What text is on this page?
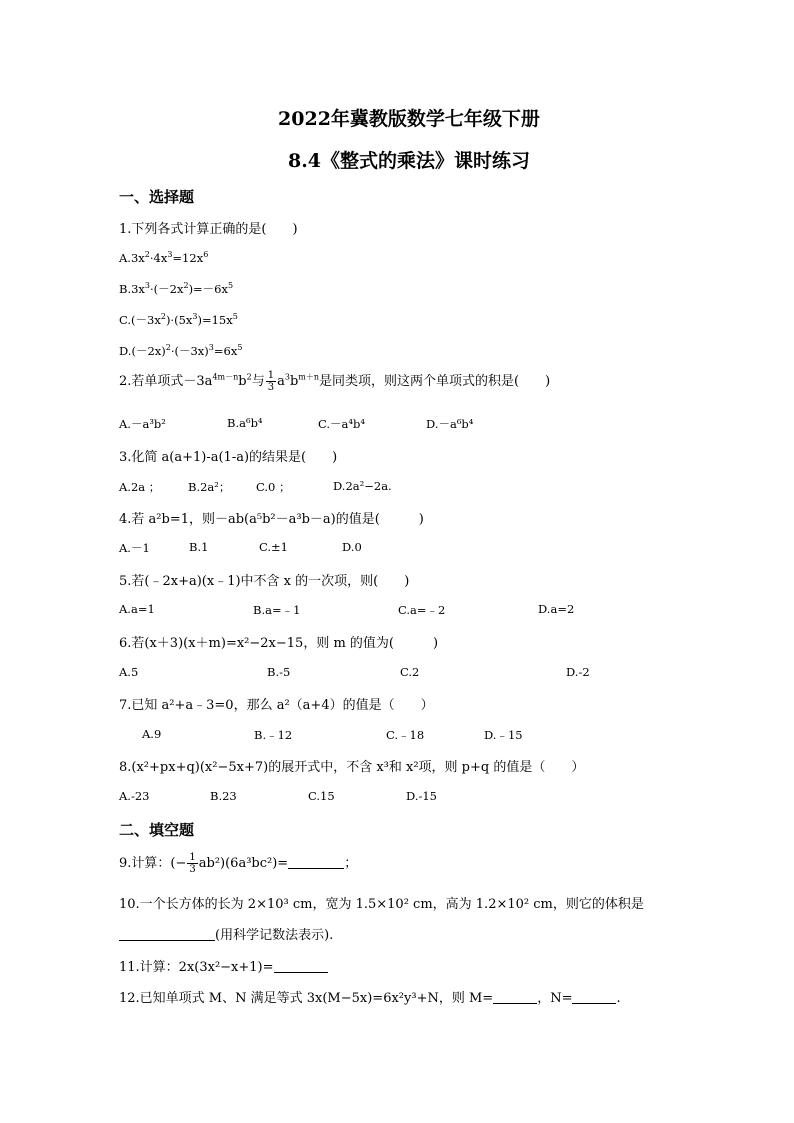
2022年冀教版数学七年级下册
8.4《整式的乘法》课时练习
一、选择题
1.下列各式计算正确的是(　　)
$A.3x^2\cdot 4x^3=12x^6$
$B.3x^3\cdot(-2x^2)=-6x^5$
$C.(-3x^2)\cdot(5x^3)=15x^5$
$D.(-2x)^2\cdot(-3x)^3=6x^5$
2.若单项式$-3a^{4m-n}b^2$与 $\frac{1}{3} a^3b^{m+n}$是同类项，则这两个单项式的积是(　　)
A.－a³b²	B.a⁶b⁴	C.－a⁴b⁴	D.－a⁶b⁴
3.化简 a(a+1)-a(1-a)的结果是(　　)
A.2a ； B.2a²； C.0 ；	D.2a²−2a.
4.若 a²b=1，则－ab(a⁵b²－a³b－a)的值是(　　　)
A.－1	B.1	C.±1	D.0
5.若(﹣2x+a)(x﹣1)中不含 x 的一次项，则(　　)
A.a=1	B.a=﹣1	C.a=﹣2	D.a=2
6.若(x＋3)(x＋m)=x²−2x−15，则 m 的值为(　　　)
A.5	B.-5	C.2	D.-2
7.已知 a²+a﹣3=0，那么 a²（a+4）的值是（　　）
A.9	B.﹣12	C.﹣18	D.﹣15
8.(x²+px+q)(x²−5x+7)的展开式中，不含 x³和 x²项，则 p+q 的值是（　　）
A.-23	B.23	C.15	D.-15
二、填空题
9.计算：(− $\frac{1}{3} ab^2)(6a^3bc^2)=$	；
10.一个长方体的长为 2×10³ cm，宽为 1.5×10² cm，高为 1.2×10² cm，则它的体积是
(用科学记数法表示).
11.计算：2x(3x²−x+1)=
12.已知单项式 M、N 满足等式 3x(M−5x)=6x²y³+N，则 M=	，N=	.
